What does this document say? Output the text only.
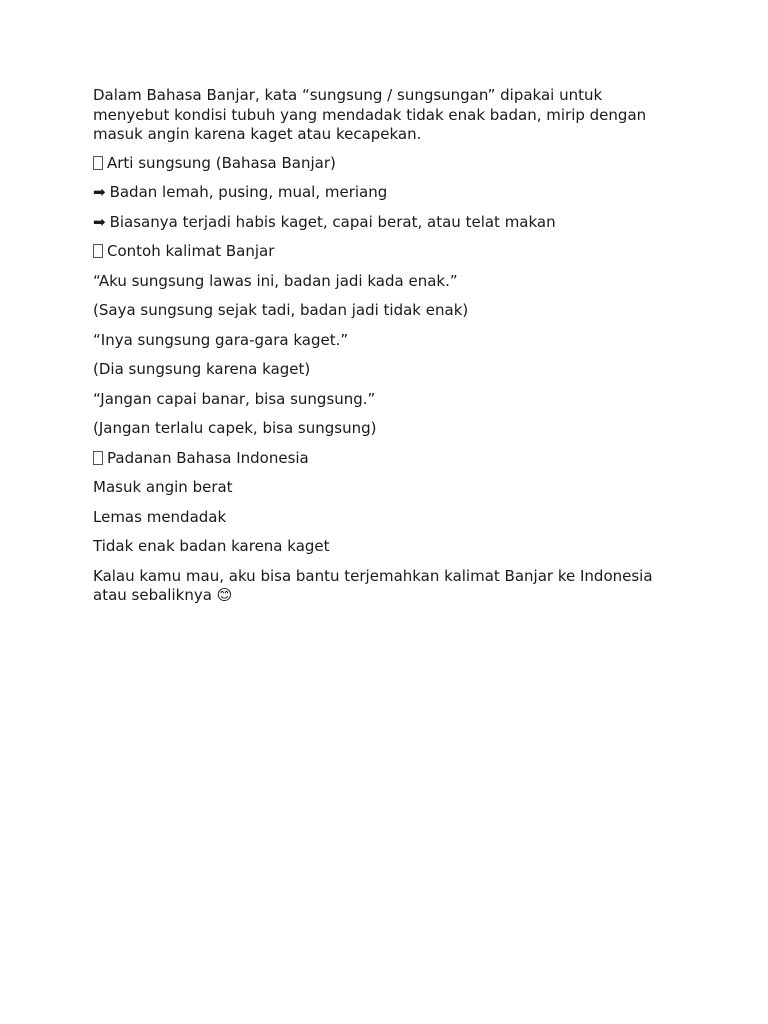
Dalam Bahasa Banjar, kata “sungsung / sungsungan” dipakai untuk menyebut kondisi tubuh yang mendadak tidak enak badan, mirip dengan masuk angin karena kaget atau kecapekan.

Arti sungsung (Bahasa Banjar)

➡ Badan lemah, pusing, mual, meriang

➡ Biasanya terjadi habis kaget, capai berat, atau telat makan

Contoh kalimat Banjar

“Aku sungsung lawas ini, badan jadi kada enak.”

(Saya sungsung sejak tadi, badan jadi tidak enak)

“Inya sungsung gara-gara kaget.”

(Dia sungsung karena kaget)

“Jangan capai banar, bisa sungsung.”

(Jangan terlalu capek, bisa sungsung)

Padanan Bahasa Indonesia

Masuk angin berat

Lemas mendadak

Tidak enak badan karena kaget

Kalau kamu mau, aku bisa bantu terjemahkan kalimat Banjar ke Indonesia atau sebaliknya 😊
